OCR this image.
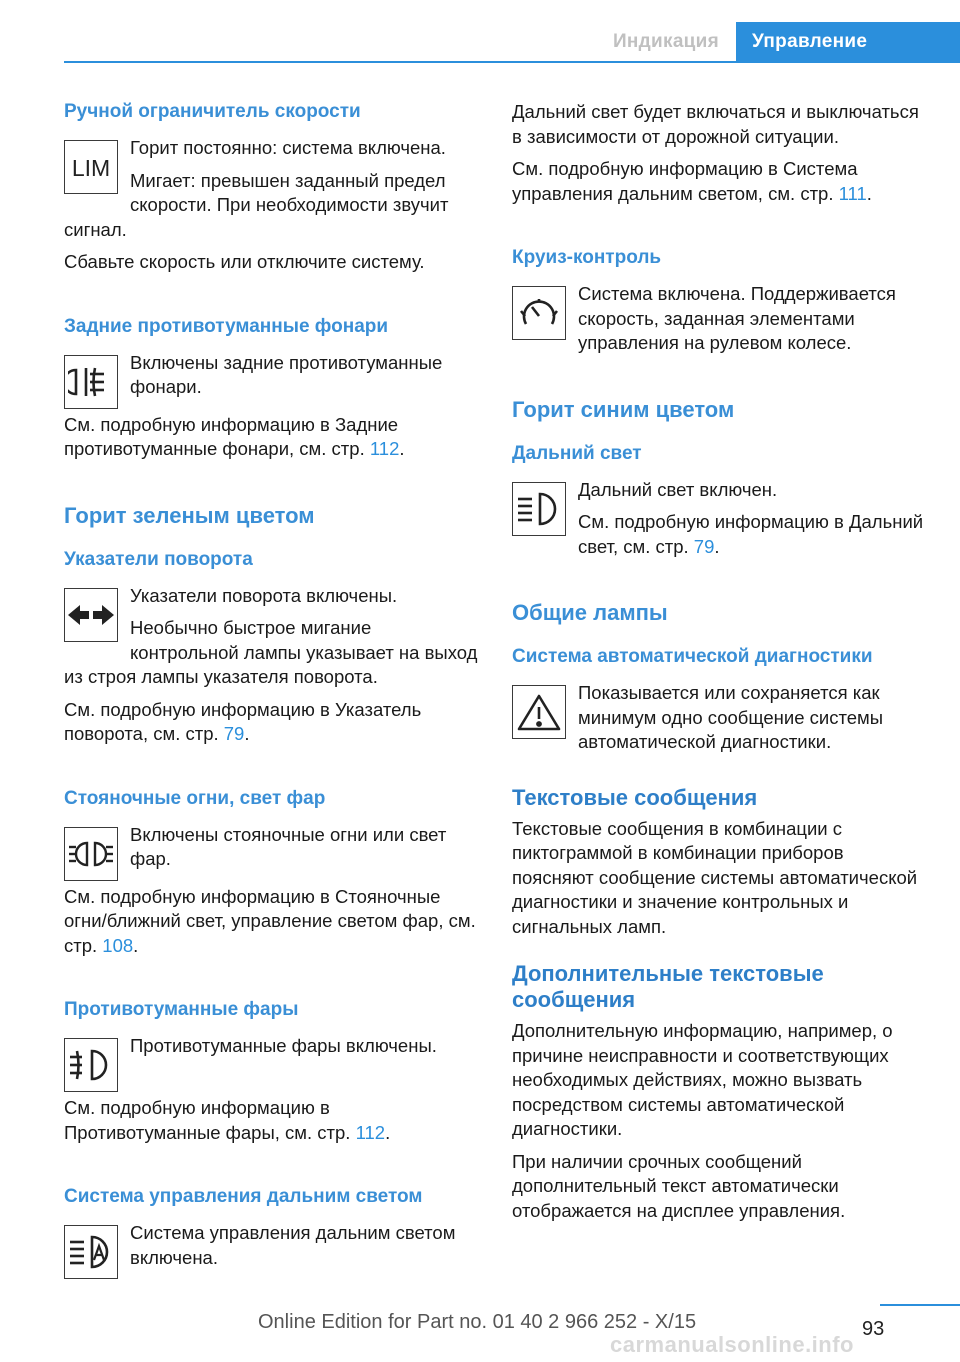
Индикация	Управление
Ручной ограничитель скорости
LIM

Горит постоянно: система включена.

Мигает: превышен заданный предел скорости. При необходимости звучит сигнал.

Сбавьте скорость или отключите систему.

Задние противотуманные фонари

Включены задние противотуманные фонари.

См. подробную информацию в Задние противотуманные фонари, см. стр. 112.

Горит зеленым цветом
Указатели поворота

Указатели поворота включены.

Необычно быстрое мигание контрольной лампы указывает на выход из строя лампы указателя поворота.

См. подробную информацию в Указатель поворота, см. стр. 79.

Стояночные огни, свет фар

Включены стояночные огни или свет фар.

См. подробную информацию в Стояночные огни/ближний свет, управление светом фар, см. стр. 108.

Противотуманные фары

Противотуманные фары включены.

См. подробную информацию в Противотуманные фары, см. стр. 112.

Система управления дальним светом

Система управления дальним светом включена.

Дальний свет будет включаться и выключаться в зависимости от дорожной ситуации.

См. подробную информацию в Система управления дальним светом, см. стр. 111.

Круиз-контроль

Система включена. Поддерживается скорость, заданная элементами управления на рулевом колесе.

Горит синим цветом
Дальний свет

Дальний свет включен.

См. подробную информацию в Дальний свет, см. стр. 79.

Общие лампы
Система автоматической диагностики

Показывается или сохраняется как минимум одно сообщение системы автоматической диагностики.

Текстовые сообщения

Текстовые сообщения в комбинации с пиктограммой в комбинации приборов поясняют сообщение системы автоматической диагностики и значение контрольных и сигнальных ламп.

Дополнительные текстовые сообщения

Дополнительную информацию, например, о причине неисправности и соответствующих необходимых действиях, можно вызвать посредством системы автоматической диагностики.

При наличии срочных сообщений дополнительный текст автоматически отображается на дисплее управления.

93
Online Edition for Part no. 01 40 2 966 252 - X/15
carmanualsonline.info
